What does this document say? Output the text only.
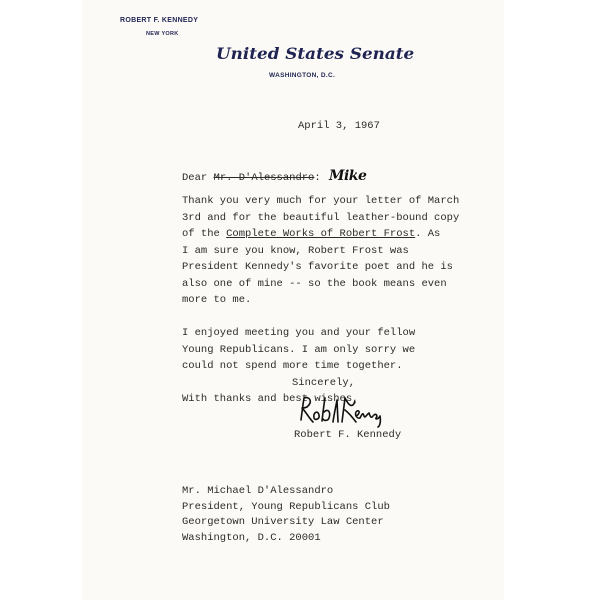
ROBERT F. KENNEDY
NEW YORK
United States Senate
WASHINGTON, D.C.
April 3, 1967
Dear Mr. D'Alessandro: Mike
Thank you very much for your letter of March
3rd and for the beautiful leather-bound copy
of the Complete Works of Robert Frost. As
I am sure you know, Robert Frost was
President Kennedy's favorite poet and he is
also one of mine -- so the book means even
more to me.
I enjoyed meeting you and your fellow
Young Republicans. I am only sorry we
could not spend more time together.
With thanks and best wishes,
Sincerely,
Robert F. Kennedy
Mr. Michael D'Alessandro
President, Young Republicans Club
Georgetown University Law Center
Washington, D.C. 20001
